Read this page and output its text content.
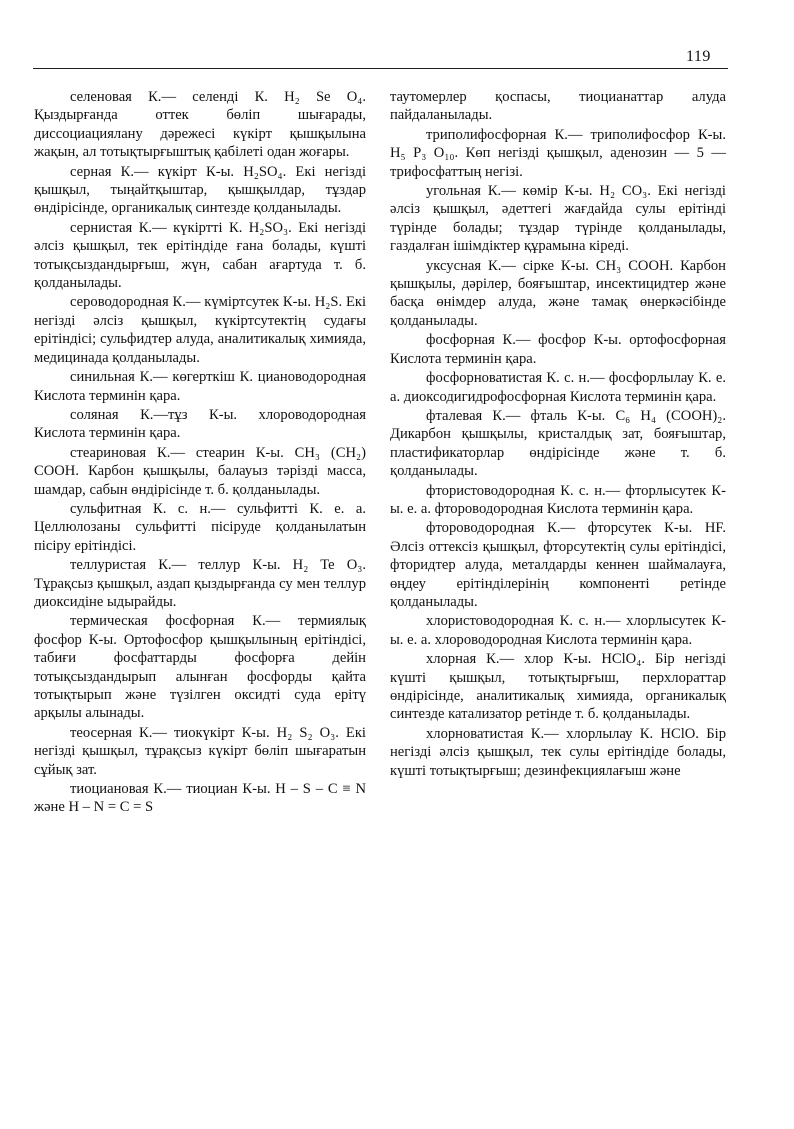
119

селеновая К.— селенді К. H₂ Se O₄. Қыздырғанда оттек бөліп шығарады, диссоциациялану дәрежесі күкірт қышқылына жақын, ал тотықтырғыштық қабілеті одан жоғары.

серная К.— күкірт К-ы. H₂SO₄. Екі негізді қышқыл, тыңайтқыштар, қышқылдар, тұздар өндірісінде, органикалық синтезде қолданылады.

сернистая К.— күкіртті К. H₂SO₃. Екі негізді әлсіз қышқыл, тек ерітіндіде ғана болады, күшті тотықсыздандырғыш, жүн, сабан ағартуда т. б. қолданылады.

сероводородная К.— күміртсутек К-ы. H₂S. Екі негізді әлсіз қышқыл, күкіртсутектің судағы ерітіндісі; сульфидтер алуда, аналитикалық химияда, медицинада қолданылады.

синильная К.— көгерткіш К. циановодородная Кислота терминін қара.

соляная К.—тұз К-ы. хлороводородная Кислота терминін қара.

стеариновая К.— стеарин К-ы. CH₃ (CH₂) COOH. Карбон қышқылы, балауыз тәрізді масса, шамдар, сабын өндірісінде т. б. қолданылады.

сульфитная К. с. н.— сульфитті К. е. а. Целлюлозаны сульфитті пісіруде қолданылатын пісіру ерітіндісі.

теллуристая К.— теллур К-ы. H₂ Te O₃. Тұрақсыз қышқыл, аздап қыздырғанда су мен теллур диоксидіне ыдырайды.

термическая фосфорная К.— термиялық фосфор К-ы. Ортофосфор қышқылының ерітіндісі, табиғи фосфаттарды фосфорға дейін тотықсыздандырып алынған фосфорды қайта тотықтырып және түзілген оксидті суда ерітү арқылы алынады.

теосерная К.— тиокүкірт К-ы. H₂ S₂ O₃. Екі негізді қышқыл, тұрақсыз күкірт бөліп шығаратын сұйық зат.

тиоциановая К.— тиоциан К-ы. H – S – C ≡ N және H – N = C = S

таутомерлер қоспасы, тиоцианаттар алуда пайдаланылады.

триполифосфорная К.— триполифосфор К-ы. H₅ P₃ O₁₀. Көп негізді қышқыл, аденозин — 5 — трифосфаттың негізі.

угольная К.— көмір К-ы. H₂ CO₃. Екі негізді әлсіз қышқыл, әдеттегі жағдайда сулы ерітінді түрінде болады; тұздар түрінде қолданылады, газдалған ішімдіктер құрамына кіреді.

уксусная К.— сірке К-ы. CH₃ COOH. Карбон қышқылы, дәрілер, бояғыштар, инсектицидтер және басқа өнімдер алуда, және тамақ өнеркәсібінде қолданылады.

фосфорная К.— фосфор К-ы. ортофосфорная Кислота терминін қара.

фосфорноватистая К. с. н.— фосфорлылау К. е. а. диоксодигидрофосфорная Кислота терминін қара.

фталевая К.— фталь К-ы. C₆ H₄ (COOH)₂. Дикарбон қышқылы, кристалдық зат, бояғыштар, пластификаторлар өндірісінде және т. б. қолданылады.

фтористоводородная К. с. н.— фторлысутек К-ы. е. а. фтороводородная Кислота терминін қара.

фтороводородная К.— фторсутек К-ы. HF. Әлсіз оттексіз қышқыл, фторсутектің сулы ерітіндісі, фторидтер алуда, металдарды кеннен шаймалауға, өңдеу ерітінділерінің компоненті ретінде қолданылады.

хлористоводородная К. с. н.— хлорлысутек К-ы. е. а. хлороводородная Кислота терминін қара.

хлорная К.— хлор К-ы. HClO₄. Бір негізді күшті қышқыл, тотықтырғыш, перхлораттар өндірісінде, аналитикалық химияда, органикалық синтезде катализатор ретінде т. б. қолданылады.

хлорноватистая К.— хлорлылау К. HClO. Бір негізді әлсіз қышқыл, тек сулы ерітіндіде болады, күшті тотықтырғыш; дезинфекциялағыш және
